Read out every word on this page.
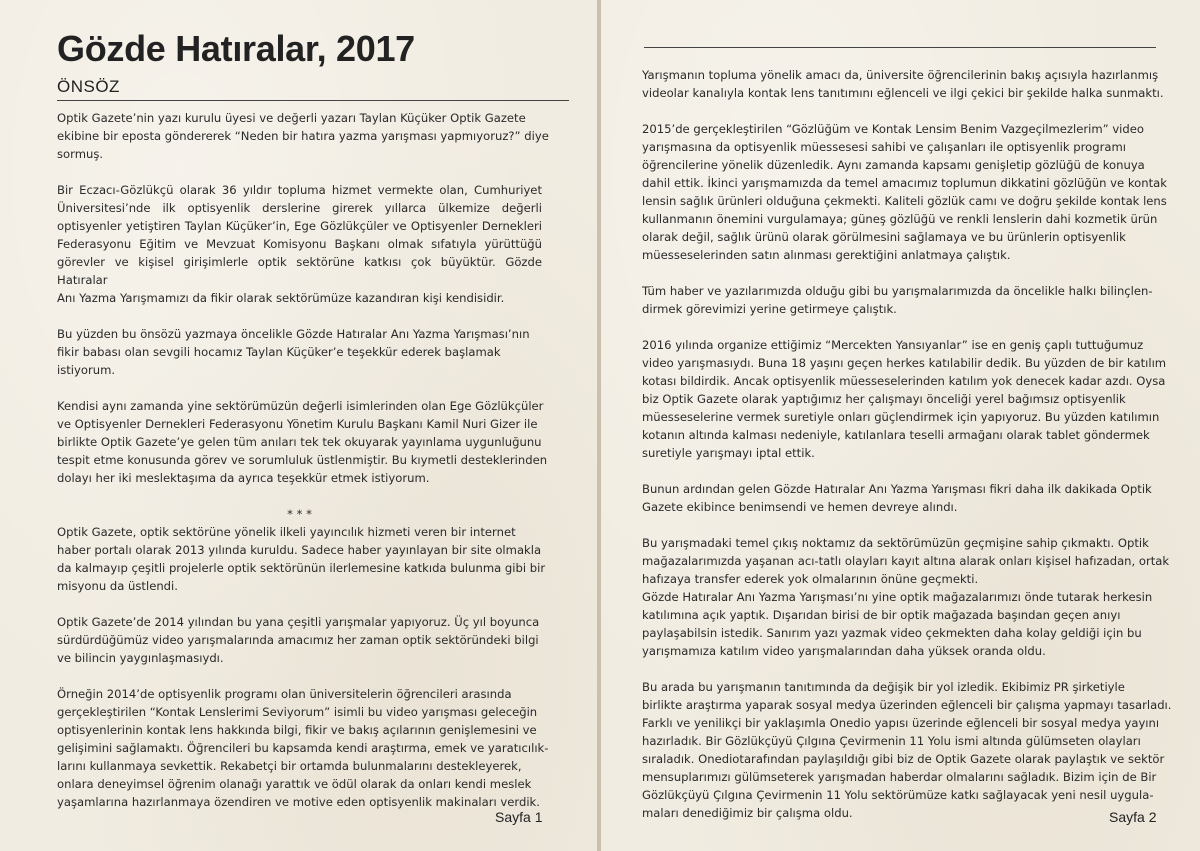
Gözde Hatıralar, 2017
ÖNSÖZ

Optik Gazete’nin yazı kurulu üyesi ve değerli yazarı Taylan Küçüker Optik Gazete

ekibine bir eposta göndererek “Neden bir hatıra yazma yarışması yapmıyoruz?” diye

sormuş.

Bir Eczacı-Gözlükçü olarak 36 yıldır topluma hizmet vermekte olan, Cumhuriyet Üniversitesi’nde ilk optisyenlik derslerine girerek yıllarca ülkemize değerli optisyenler yetiştiren Taylan Küçüker’in, Ege Gözlükçüler ve Optisyenler Dernekleri Federasyonu Eğitim ve Mevzuat Komisyonu Başkanı olmak sıfatıyla yürüttüğü görevler ve kişisel girişimlerle optik sektörüne katkısı çok büyüktür. Gözde Hatıralar

Anı Yazma Yarışmamızı da fikir olarak sektörümüze kazandıran kişi kendisidir.

Bu yüzden bu önsözü yazmaya öncelikle Gözde Hatıralar Anı Yazma Yarışması’nın

fikir babası olan sevgili hocamız Taylan Küçüker’e teşekkür ederek başlamak

istiyorum.

Kendisi aynı zamanda yine sektörümüzün değerli isimlerinden olan Ege Gözlükçüler

ve Optisyenler Dernekleri Federasyonu Yönetim Kurulu Başkanı Kamil Nuri Gizer ile

birlikte Optik Gazete’ye gelen tüm anıları tek tek okuyarak yayınlama uygunluğunu

tespit etme konusunda görev ve sorumluluk üstlenmiştir. Bu kıymetli desteklerinden

dolayı her iki meslektaşıma da ayrıca teşekkür etmek istiyorum.

* * *

Optik Gazete, optik sektörüne yönelik ilkeli yayıncılık hizmeti veren bir internet

haber portalı olarak 2013 yılında kuruldu. Sadece haber yayınlayan bir site olmakla

da kalmayıp çeşitli projelerle optik sektörünün ilerlemesine katkıda bulunma gibi bir

misyonu da üstlendi.

Optik Gazete’de 2014 yılından bu yana çeşitli yarışmalar yapıyoruz. Üç yıl boyunca

sürdürdüğümüz video yarışmalarında amacımız her zaman optik sektöründeki bilgi

ve bilincin yaygınlaşmasıydı.

Örneğin 2014’de optisyenlik programı olan üniversitelerin öğrencileri arasında

gerçekleştirilen “Kontak Lenslerimi Seviyorum” isimli bu video yarışması geleceğin

optisyenlerinin kontak lens hakkında bilgi, fikir ve bakış açılarının genişlemesini ve

gelişimini sağlamaktı. Öğrencileri bu kapsamda kendi araştırma, emek ve yaratıcılık-

larını kullanmaya sevkettik. Rekabetçi bir ortamda bulunmalarını destekleyerek,

onlara deneyimsel öğrenim olanağı yarattık ve ödül olarak da onları kendi meslek

yaşamlarına hazırlanmaya özendiren ve motive eden optisyenlik makinaları verdik.

Sayfa 1

Yarışmanın topluma yönelik amacı da, üniversite öğrencilerinin bakış açısıyla hazırlanmış

videolar kanalıyla kontak lens tanıtımını eğlenceli ve ilgi çekici bir şekilde halka sunmaktı.

2015’de gerçekleştirilen “Gözlüğüm ve Kontak Lensim Benim Vazgeçilmezlerim” video

yarışmasına da optisyenlik müessesesi sahibi ve çalışanları ile optisyenlik programı

öğrencilerine yönelik düzenledik. Aynı zamanda kapsamı genişletip gözlüğü de konuya

dahil ettik. İkinci yarışmamızda da temel amacımız toplumun dikkatini gözlüğün ve kontak

lensin sağlık ürünleri olduğuna çekmekti. Kaliteli gözlük camı ve doğru şekilde kontak lens

kullanmanın önemini vurgulamaya; güneş gözlüğü ve renkli lenslerin dahi kozmetik ürün

olarak değil, sağlık ürünü olarak görülmesini sağlamaya ve bu ürünlerin optisyenlik

müesseselerinden satın alınması gerektiğini anlatmaya çalıştık.

Tüm haber ve yazılarımızda olduğu gibi bu yarışmalarımızda da öncelikle halkı bilinçlen-

dirmek görevimizi yerine getirmeye çalıştık.

2016 yılında organize ettiğimiz “Mercekten Yansıyanlar” ise en geniş çaplı tuttuğumuz

video yarışmasıydı. Buna 18 yaşını geçen herkes katılabilir dedik. Bu yüzden de bir katılım

kotası bildirdik. Ancak optisyenlik müesseselerinden katılım yok denecek kadar azdı. Oysa

biz Optik Gazete olarak yaptığımız her çalışmayı önceliği yerel bağımsız optisyenlik

müesseselerine vermek suretiyle onları güçlendirmek için yapıyoruz. Bu yüzden katılımın

kotanın altında kalması nedeniyle, katılanlara teselli armağanı olarak tablet göndermek

suretiyle yarışmayı iptal ettik.

Bunun ardından gelen Gözde Hatıralar Anı Yazma Yarışması fikri daha ilk dakikada Optik

Gazete ekibince benimsendi ve hemen devreye alındı.

Bu yarışmadaki temel çıkış noktamız da sektörümüzün geçmişine sahip çıkmaktı. Optik

mağazalarımızda yaşanan acı-tatlı olayları kayıt altına alarak onları kişisel hafızadan, ortak

hafızaya transfer ederek yok olmalarının önüne geçmekti.

Gözde Hatıralar Anı Yazma Yarışması’nı yine optik mağazalarımızı önde tutarak herkesin

katılımına açık yaptık. Dışarıdan birisi de bir optik mağazada başından geçen anıyı

paylaşabilsin istedik. Sanırım yazı yazmak video çekmekten daha kolay geldiği için bu

yarışmamıza katılım video yarışmalarından daha yüksek oranda oldu.

Bu arada bu yarışmanın tanıtımında da değişik bir yol izledik. Ekibimiz PR şirketiyle

birlikte araştırma yaparak sosyal medya üzerinden eğlenceli bir çalışma yapmayı tasarladı.

Farklı ve yenilikçi bir yaklaşımla Onedio yapısı üzerinde eğlenceli bir sosyal medya yayını

hazırladık. Bir Gözlükçüyü Çılgına Çevirmenin 11 Yolu ismi altında gülümseten olayları

sıraladık. Onediotarafından paylaşıldığı gibi biz de Optik Gazete olarak paylaştık ve sektör

mensuplarımızı gülümseterek yarışmadan haberdar olmalarını sağladık. Bizim için de Bir

Gözlükçüyü Çılgına Çevirmenin 11 Yolu sektörümüze katkı sağlayacak yeni nesil uygula-

maları denediğimiz bir çalışma oldu.	Sayfa 2
